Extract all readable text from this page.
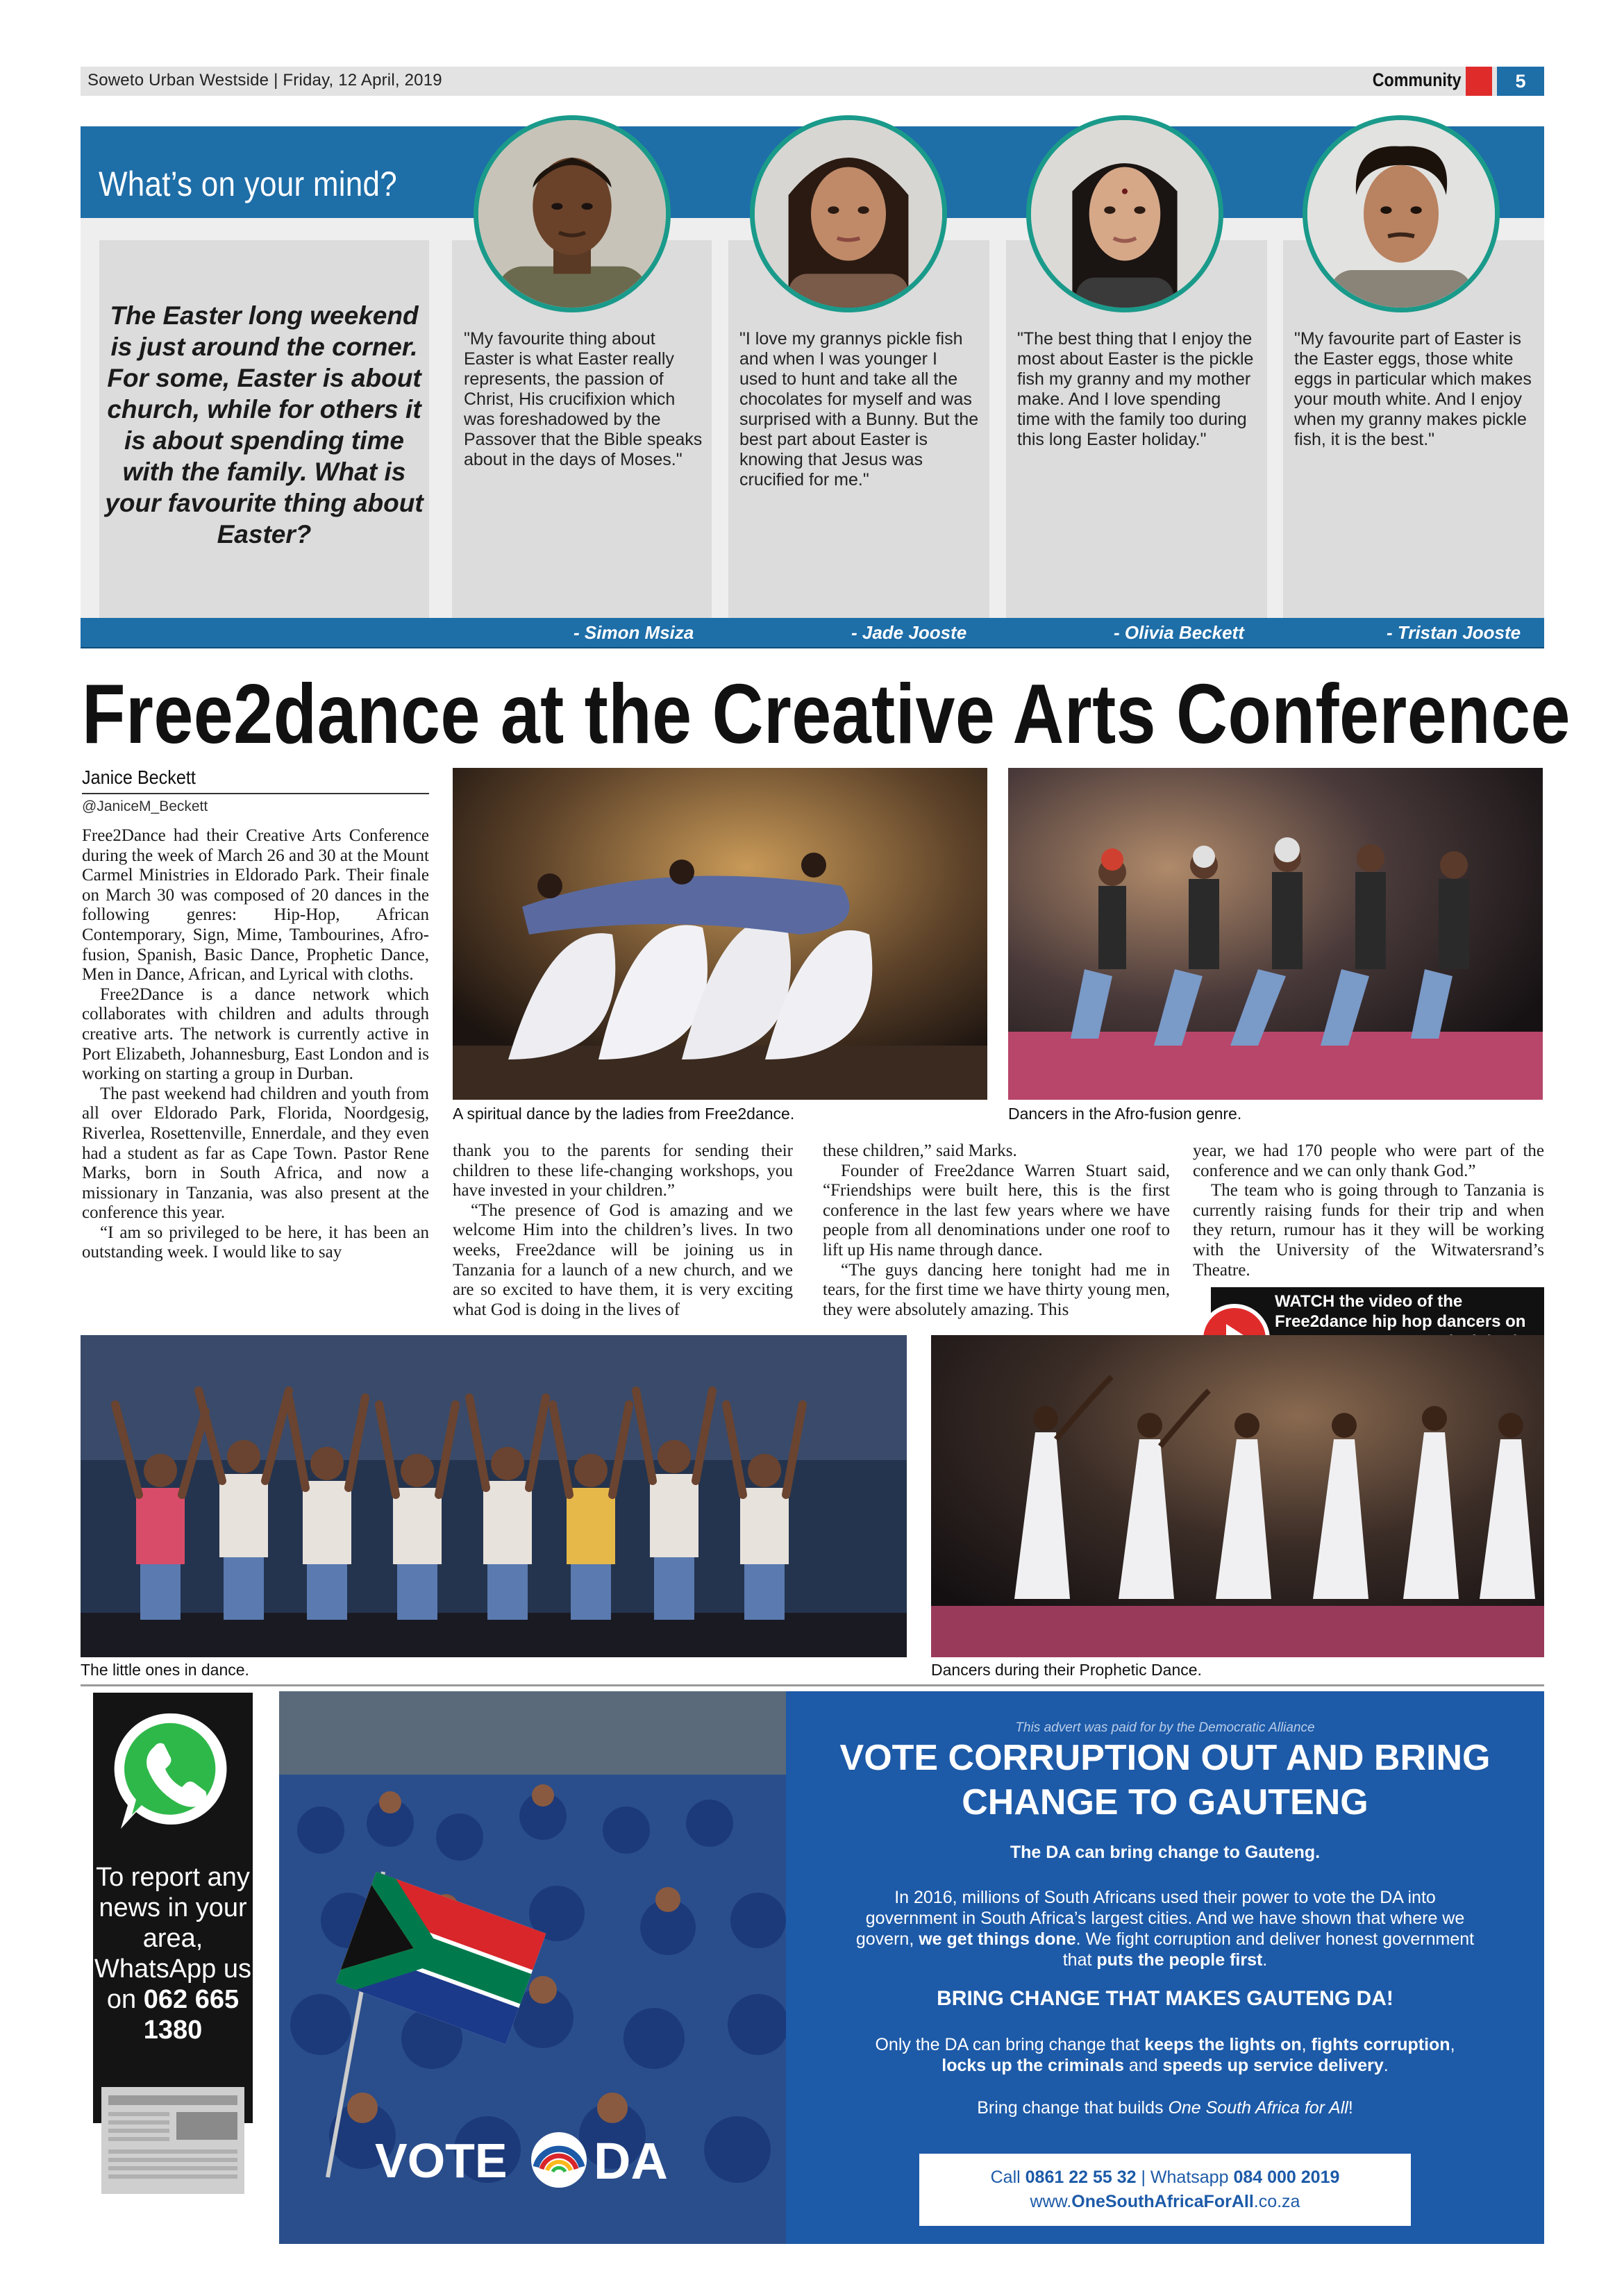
Soweto Urban Westside | Friday, 12 April, 2019	Community	5
What’s on your mind?
The Easter long weekend is just around the corner. For some, Easter is about church, while for others it is about spending time with the family. What is your favourite thing about Easter?
"My favourite thing about Easter is what Easter really represents, the passion of Christ, His crucifixion which was foreshadowed by the Passover that the Bible speaks about in the days of Moses."
"I love my grannys pickle fish and when I was younger I used to hunt and take all the chocolates for myself and was surprised with a Bunny. But the best part about Easter is knowing that Jesus was crucified for me."
"The best thing that I enjoy the most about Easter is the pickle fish my granny and my mother make. And I love spending time with the family too during this long Easter holiday."
"My favourite part of Easter is the Easter eggs, those white eggs in particular which makes your mouth white. And I enjoy when my granny makes pickle fish, it is the best."
- Simon Msiza	- Jade Jooste	- Olivia Beckett	- Tristan Jooste
Free2dance at the Creative Arts Conference
Janice Beckett
@JaniceM_Beckett

Free2Dance had their Creative Arts Conference during the week of March 26 and 30 at the Mount Carmel Ministries in Eldorado Park. Their finale on March 30 was composed of 20 dances in the following genres: Hip-Hop, African Contemporary, Sign, Mime, Tambourines, Afro-fusion, Spanish, Basic Dance, Prophetic Dance, Men in Dance, African, and Lyrical with cloths.

Free2Dance is a dance network which collaborates with children and adults through creative arts. The network is currently active in Port Elizabeth, Johannesburg, East London and is working on starting a group in Durban.

The past weekend had children and youth from all over Eldorado Park, Florida, Noordgesig, Riverlea, Rosettenville, Ennerdale, and they even had a student as far as Cape Town. Pastor Rene Marks, born in South Africa, and now a missionary in Tanzania, was also present at the conference this year.

“I am so privileged to be here, it has been an outstanding week. I would like to say

thank you to the parents for sending their children to these life-changing workshops, you have invested in your children.”

“The presence of God is amazing and we welcome Him into the children’s lives. In two weeks, Free2dance will be joining us in Tanzania for a launch of a new church, and we are so excited to have them, it is very exciting what God is doing in the lives of

these children,” said Marks.

Founder of Free2dance Warren Stuart said, “Friendships were built here, this is the first conference in the last few years where we have people from all denominations under one roof to lift up His name through dance.

“The guys dancing here tonight had me in tears, for the first time we have thirty young men, they were absolutely amazing. This

year, we had 170 people who were part of the conference and we can only thank God.”

The team who is going through to Tanzania is currently raising funds for their trip and when they return, rumour has it they will be working with the University of the Witwatersrand’s Theatre.

A spiritual dance by the ladies from Free2dance.	Dancers in the Afro-fusion genre.
WATCH the video of the Free2dance hip hop dancers on
The little ones in dance.	Dancers during their Prophetic Dance.
To report any news in your area, WhatsApp us on 062 665 1380
VOTE DA
This advert was paid for by the Democratic Alliance
VOTE CORRUPTION OUT AND BRING CHANGE TO GAUTENG
The DA can bring change to Gauteng.
In 2016, millions of South Africans used their power to vote the DA into government in South Africa’s largest cities. And we have shown that where we govern, we get things done. We fight corruption and deliver honest government that puts the people first.
BRING CHANGE THAT MAKES GAUTENG DA!
Only the DA can bring change that keeps the lights on, fights corruption, locks up the criminals and speeds up service delivery.
Bring change that builds One South Africa for All!
Call 0861 22 55 32 | Whatsapp 084 000 2019
www.OneSouthAfricaForAll.co.za
